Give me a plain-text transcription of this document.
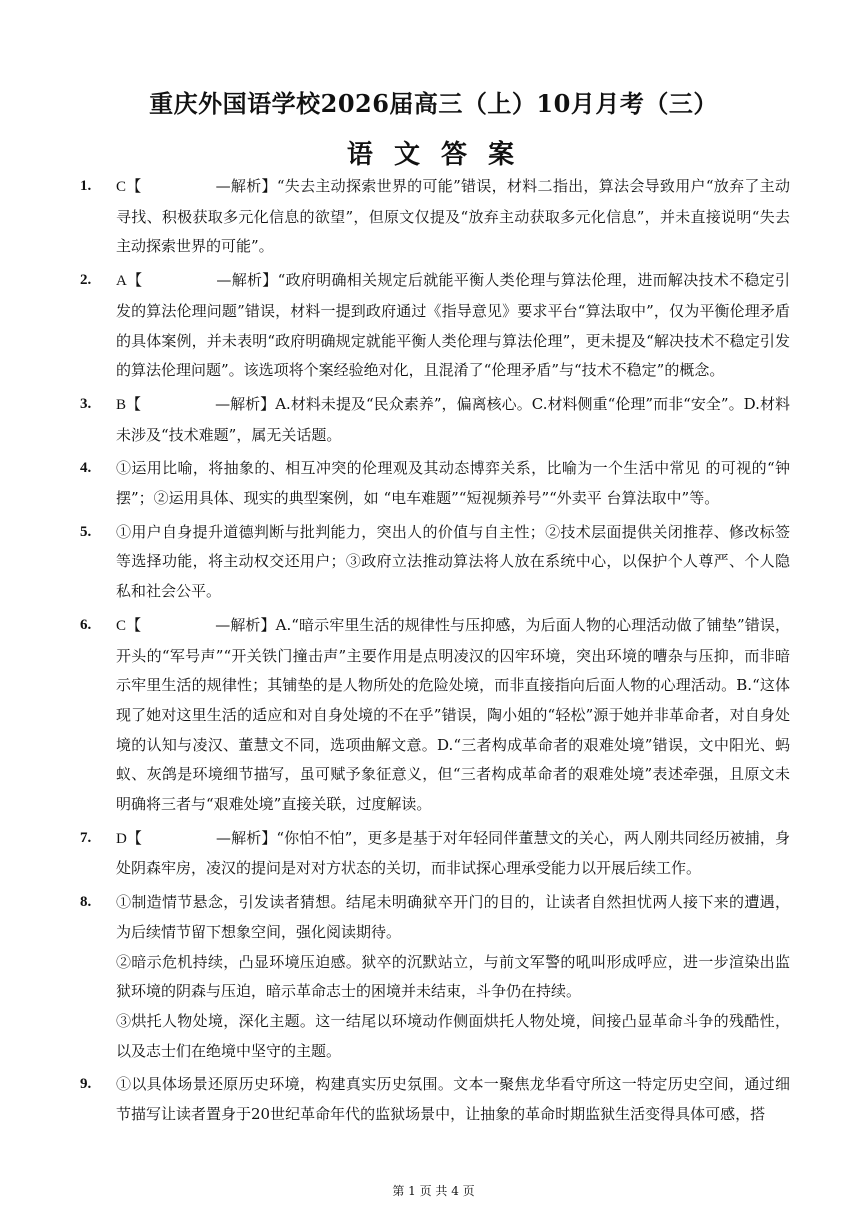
重庆外国语学校2026届高三（上）10月月考（三）
语 文 答 案
1. C【	—解析】“失去主动探索世界的可能”错误，材料二指出，算法会导致用户“放弃了主动寻找、积极获取多元化信息的欲望”，但原文仅提及“放弃主动获取多元化信息”，并未直接说明“失去主动探索世界的可能”。
2. A【	—解析】“政府明确相关规定后就能平衡人类伦理与算法伦理，进而解决技术不稳定引发的算法伦理问题”错误，材料一提到政府通过《指导意见》要求平台“算法取中”，仅为平衡伦理矛盾的具体案例，并未表明“政府明确规定就能平衡人类伦理与算法伦理”，更未提及“解决技术不稳定引发的算法伦理问题”。该选项将个案经验绝对化，且混淆了“伦理矛盾”与“技术不稳定”的概念。
3. B【	—解析】A.材料未提及“民众素养”，偏离核心。C.材料侧重“伦理”而非“安全”。D.材料未涉及“技术难题”，属无关话题。
4. ①运用比喻，将抽象的、相互冲突的伦理观及其动态博弈关系，比喻为一个生活中常见 的可视的“钟摆”；②运用具体、现实的典型案例，如 “电车难题”“短视频养号”“外卖平 台算法取中”等。
5. ①用户自身提升道德判断与批判能力，突出人的价值与自主性；②技术层面提供关闭推荐、修改标签等选择功能，将主动权交还用户；③政府立法推动算法将人放在系统中心，以保护个人尊严、个人隐私和社会公平。
6. C【	—解析】A.“暗示牢里生活的规律性与压抑感，为后面人物的心理活动做了铺垫”错误，开头的“军号声”“开关铁门撞击声”主要作用是点明凌汉的囚牢环境，突出环境的嘈杂与压抑，而非暗示牢里生活的规律性；其铺垫的是人物所处的危险处境，而非直接指向后面人物的心理活动。B.“这体现了她对这里生活的适应和对自身处境的不在乎”错误，陶小姐的“轻松”源于她并非革命者，对自身处境的认知与凌汉、董慧文不同，选项曲解文意。D.“三者构成革命者的艰难处境”错误，文中阳光、蚂蚁、灰鸽是环境细节描写，虽可赋予象征意义，但“三者构成革命者的艰难处境”表述牵强，且原文未明确将三者与“艰难处境”直接关联，过度解读。
7. D【	—解析】“你怕不怕”，更多是基于对年轻同伴董慧文的关心，两人刚共同经历被捕，身处阴森牢房，凌汉的提问是对对方状态的关切，而非试探心理承受能力以开展后续工作。
8. ①制造情节悬念，引发读者猜想。结尾未明确狱卒开门的目的，让读者自然担忧两人接下来的遭遇，为后续情节留下想象空间，强化阅读期待。
②暗示危机持续，凸显环境压迫感。狱卒的沉默站立，与前文军警的吼叫形成呼应，进一步渲染出监狱环境的阴森与压迫，暗示革命志士的困境并未结束，斗争仍在持续。
③烘托人物处境，深化主题。这一结尾以环境动作侧面烘托人物处境，间接凸显革命斗争的残酷性，以及志士们在绝境中坚守的主题。
9. ①以具体场景还原历史环境，构建真实历史氛围。文本一聚焦龙华看守所这一特定历史空间，通过细节描写让读者置身于20世纪革命年代的监狱场景中，让抽象的革命时期监狱生活变得具体可感，搭
第 1 页 共 4 页
